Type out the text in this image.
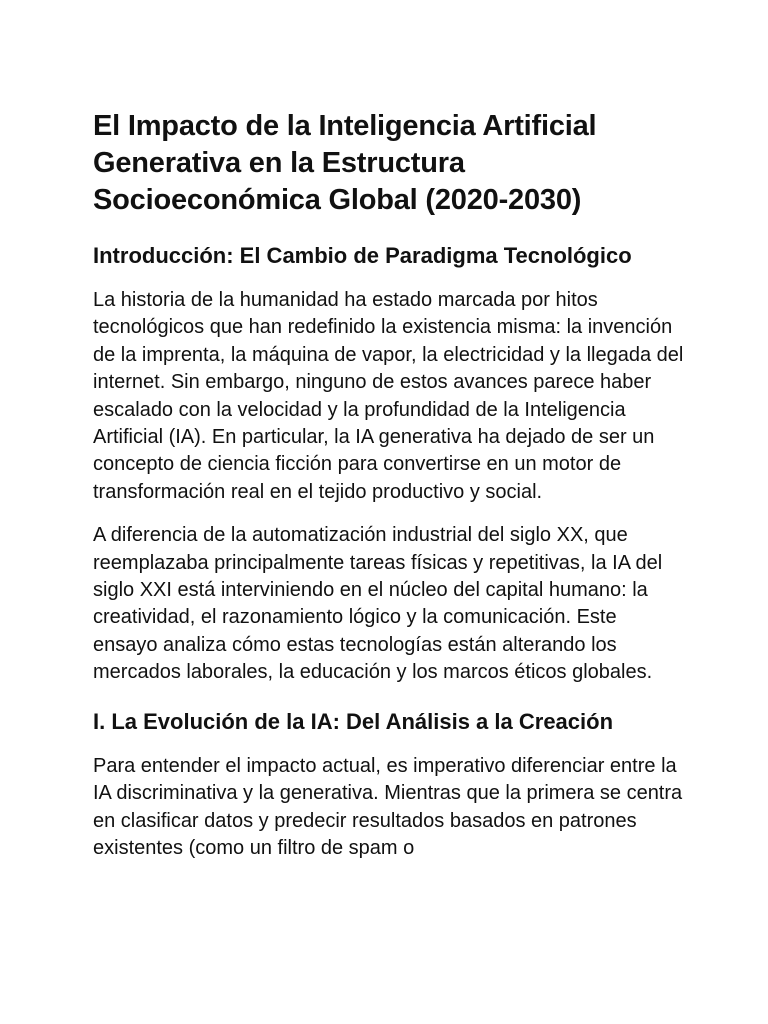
El Impacto de la Inteligencia Artificial Generativa en la Estructura Socioeconómica Global (2020-2030)
Introducción: El Cambio de Paradigma Tecnológico

La historia de la humanidad ha estado marcada por hitos tecnológicos que han redefinido la existencia misma: la invención de la imprenta, la máquina de vapor, la electricidad y la llegada del internet. Sin embargo, ninguno de estos avances parece haber escalado con la velocidad y la profundidad de la Inteligencia Artificial (IA). En particular, la IA generativa ha dejado de ser un concepto de ciencia ficción para convertirse en un motor de transformación real en el tejido productivo y social.

A diferencia de la automatización industrial del siglo XX, que reemplazaba principalmente tareas físicas y repetitivas, la IA del siglo XXI está interviniendo en el núcleo del capital humano: la creatividad, el razonamiento lógico y la comunicación. Este ensayo analiza cómo estas tecnologías están alterando los mercados laborales, la educación y los marcos éticos globales.

I. La Evolución de la IA: Del Análisis a la Creación

Para entender el impacto actual, es imperativo diferenciar entre la IA discriminativa y la generativa. Mientras que la primera se centra en clasificar datos y predecir resultados basados en patrones existentes (como un filtro de spam o
